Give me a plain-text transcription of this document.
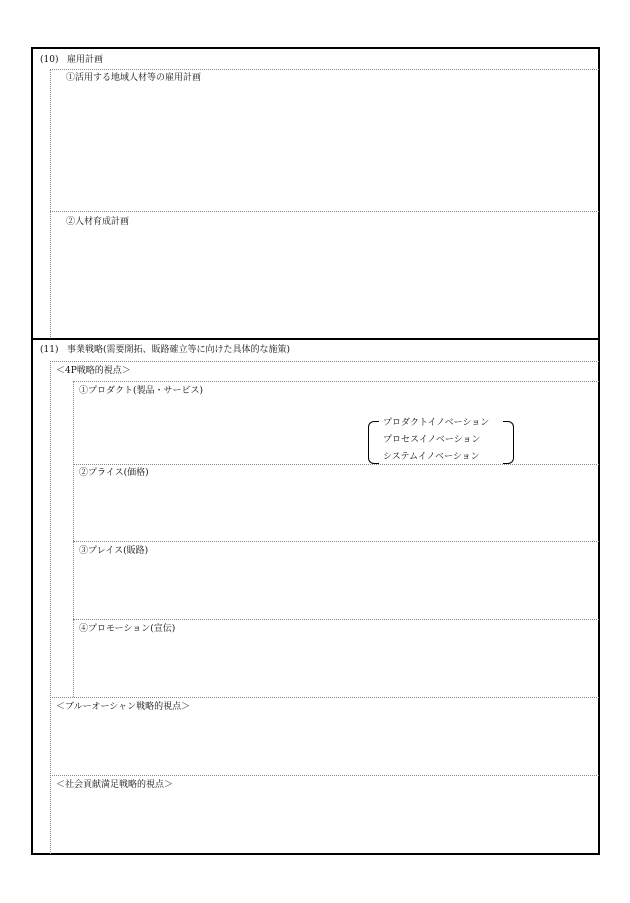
(10) 雇用計画
①活用する地域人材等の雇用計画
②人材育成計画
(11) 事業戦略(需要開拓、販路確立等に向けた具体的な施策)
＜4P戦略的視点＞
①プロダクト(製品・サービス)
プロダクトイノベーション
プロセスイノベーション
システムイノベーション
②プライス(価格)
③プレイス(販路)
④プロモーション(宣伝)
＜ブルーオーシャン戦略的視点＞
＜社会貢献満足戦略的視点＞
